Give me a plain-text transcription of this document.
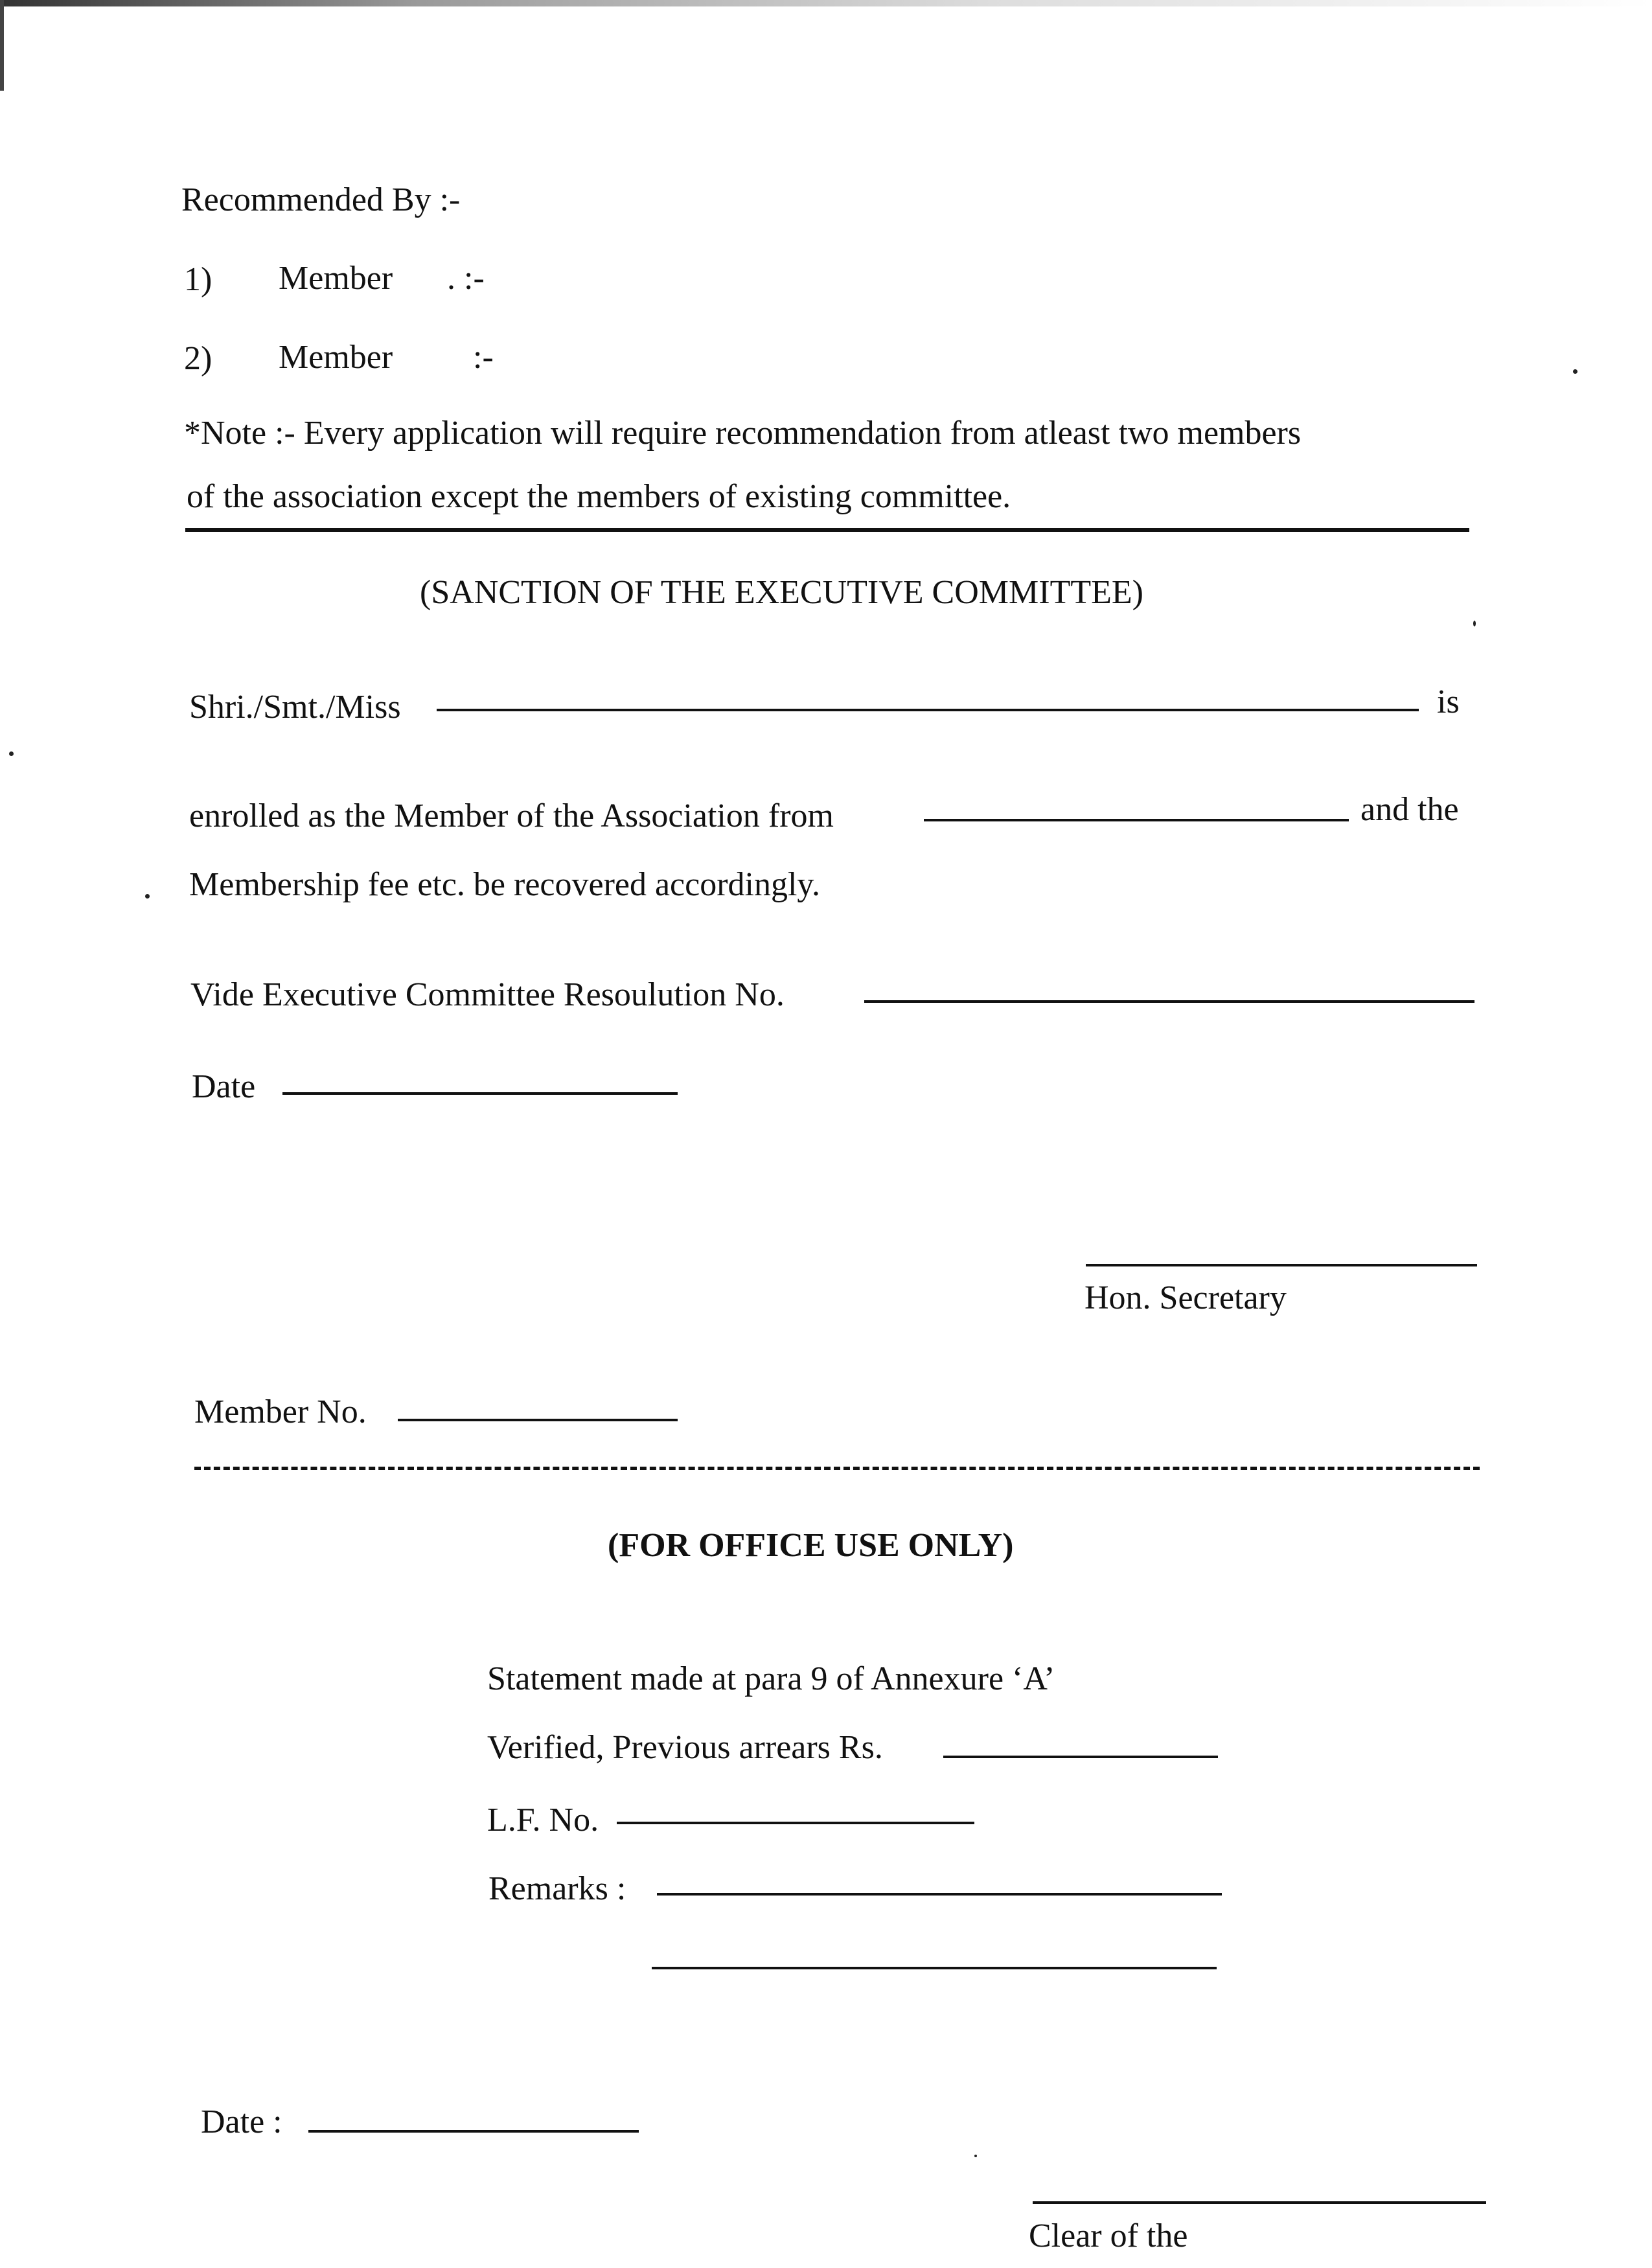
Recommended By :-
1) Member . :-
2) Member :-
*Note :- Every application will require recommendation from atleast two members
of the association except the members of existing committee.
(SANCTION OF THE EXECUTIVE COMMITTEE)
Shri./Smt./Miss	is
enrolled as the Member of the Association from	and the
Membership fee etc. be recovered accordingly.
Vide Executive Committee Resoulution No.
Date
Hon. Secretary
Member No.
(FOR OFFICE USE ONLY)
Statement made at para 9 of Annexure ‘A’
Verified, Previous arrears Rs.
L.F. No.
Remarks :
Date :
Clear of the
